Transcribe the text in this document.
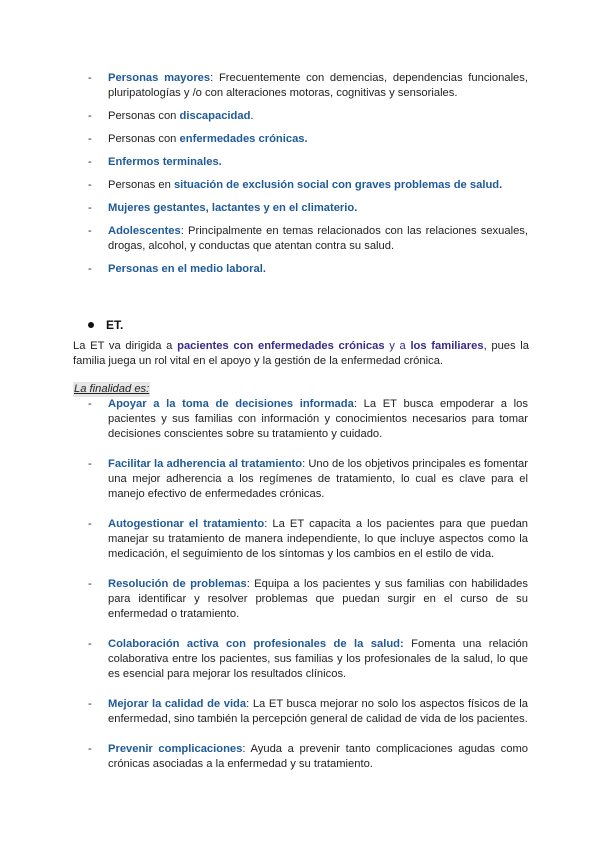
- Personas mayores: Frecuentemente con demencias, dependencias funcionales, pluripatologías y /o con alteraciones motoras, cognitivas y sensoriales.
- Personas con discapacidad.
- Personas con enfermedades crónicas.
- Enfermos terminales.
- Personas en situación de exclusión social con graves problemas de salud.
- Mujeres gestantes, lactantes y en el climaterio.
- Adolescentes: Principalmente en temas relacionados con las relaciones sexuales, drogas, alcohol, y conductas que atentan contra su salud.
- Personas en el medio laboral.
ET.
La ET va dirigida a pacientes con enfermedades crónicas y a los familiares, pues la familia juega un rol vital en el apoyo y la gestión de la enfermedad crónica.
La finalidad es:
- Apoyar a la toma de decisiones informada: La ET busca empoderar a los pacientes y sus familias con información y conocimientos necesarios para tomar decisiones conscientes sobre su tratamiento y cuidado.
- Facilitar la adherencia al tratamiento: Uno de los objetivos principales es fomentar una mejor adherencia a los regímenes de tratamiento, lo cual es clave para el manejo efectivo de enfermedades crónicas.
- Autogestionar el tratamiento: La ET capacita a los pacientes para que puedan manejar su tratamiento de manera independiente, lo que incluye aspectos como la medicación, el seguimiento de los síntomas y los cambios en el estilo de vida.
- Resolución de problemas: Equipa a los pacientes y sus familias con habilidades para identificar y resolver problemas que puedan surgir en el curso de su enfermedad o tratamiento.
- Colaboración activa con profesionales de la salud: Fomenta una relación colaborativa entre los pacientes, sus familias y los profesionales de la salud, lo que es esencial para mejorar los resultados clínicos.
- Mejorar la calidad de vida: La ET busca mejorar no solo los aspectos físicos de la enfermedad, sino también la percepción general de calidad de vida de los pacientes.
- Prevenir complicaciones: Ayuda a prevenir tanto complicaciones agudas como crónicas asociadas a la enfermedad y su tratamiento.
